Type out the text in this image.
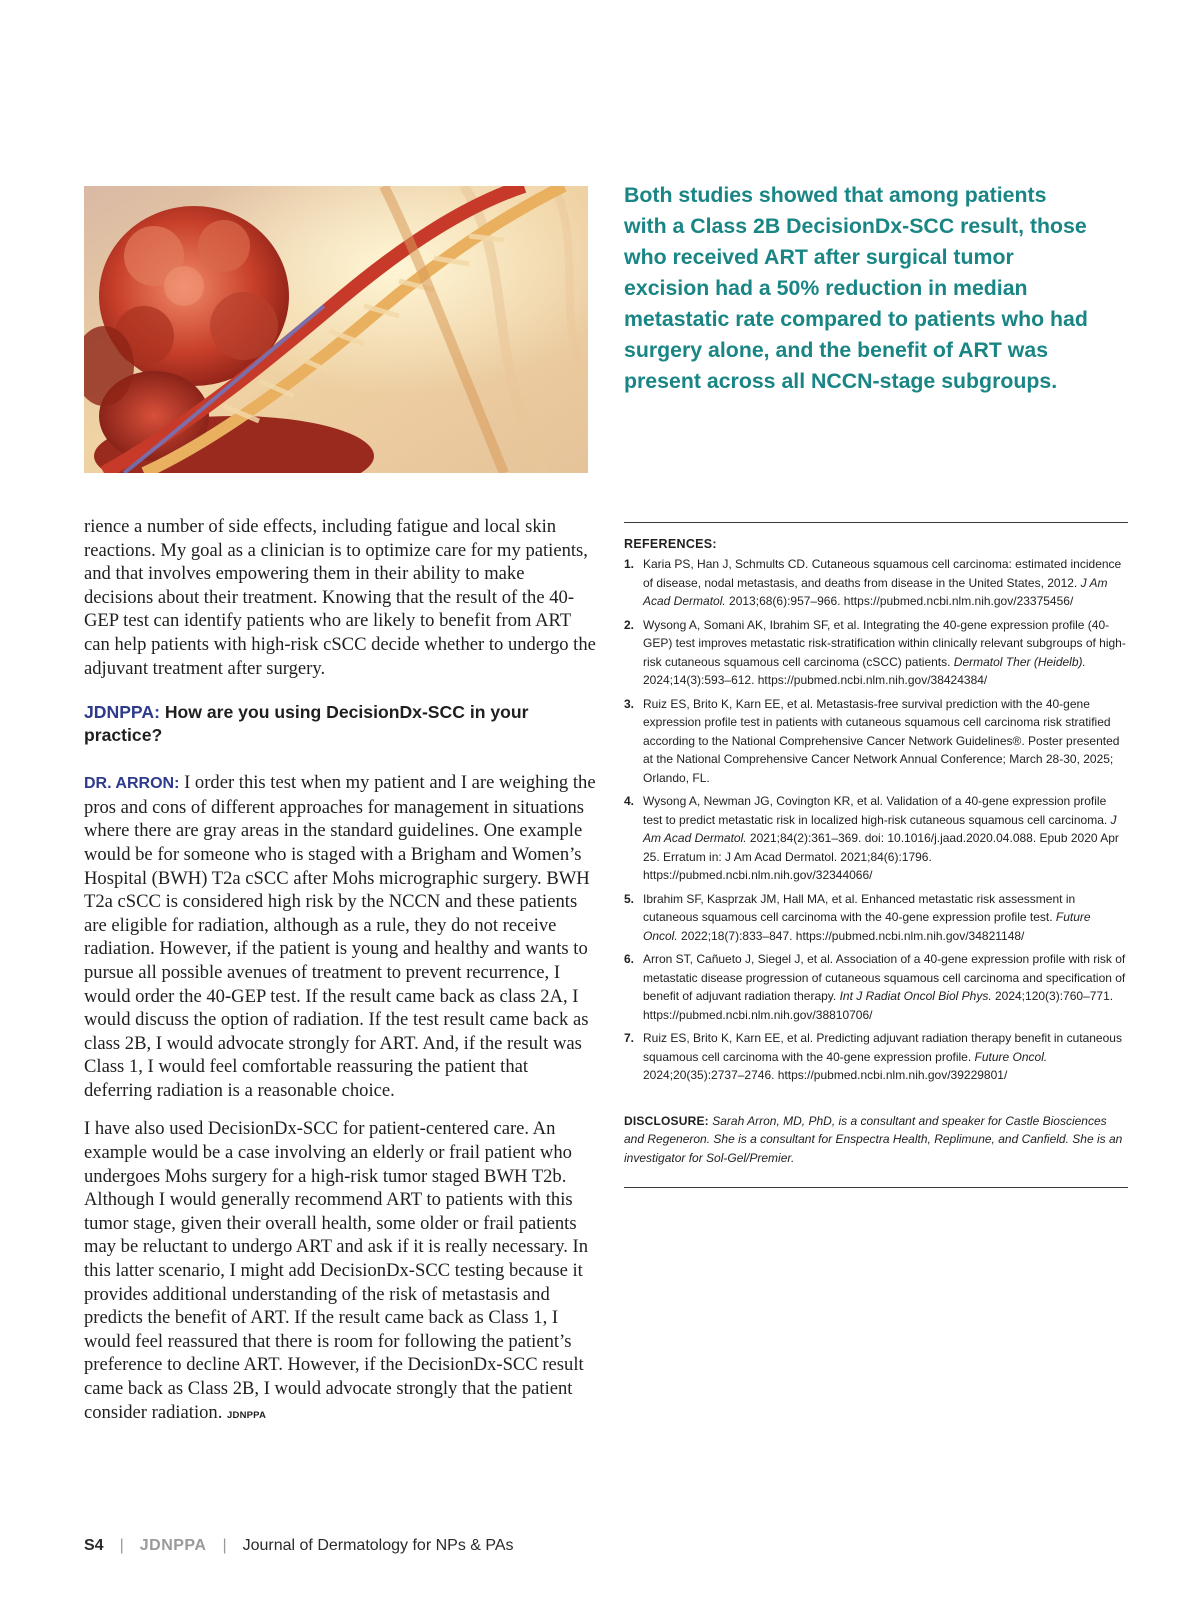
Both studies showed that among patients with a Class 2B DecisionDx-SCC result, those who received ART after surgical tumor excision had a 50% reduction in median metastatic rate compared to patients who had surgery alone, and the benefit of ART was present across all NCCN-stage subgroups.

rience a number of side effects, including fatigue and local skin reactions. My goal as a clinician is to optimize care for my patients, and that involves empowering them in their ability to make decisions about their treatment. Knowing that the result of the 40-GEP test can identify patients who are likely to benefit from ART can help patients with high-risk cSCC decide whether to undergo the adjuvant treatment after surgery.

JDNPPA: How are you using DecisionDx-SCC in your practice?

DR. ARRON: I order this test when my patient and I are weighing the pros and cons of different approaches for management in situations where there are gray areas in the standard guidelines. One example would be for someone who is staged with a Brigham and Women’s Hospital (BWH) T2a cSCC after Mohs micrographic surgery. BWH T2a cSCC is considered high risk by the NCCN and these patients are eligible for radiation, although as a rule, they do not receive radiation. However, if the patient is young and healthy and wants to pursue all possible avenues of treatment to prevent recurrence, I would order the 40-GEP test. If the result came back as class 2A, I would discuss the option of radiation. If the test result came back as class 2B, I would advocate strongly for ART. And, if the result was Class 1, I would feel comfortable reassuring the patient that deferring radiation is a reasonable choice.

I have also used DecisionDx-SCC for patient-centered care. An example would be a case involving an elderly or frail patient who undergoes Mohs surgery for a high-risk tumor staged BWH T2b. Although I would generally recommend ART to patients with this tumor stage, given their overall health, some older or frail patients may be reluctant to undergo ART and ask if it is really necessary. In this latter scenario, I might add DecisionDx-SCC testing because it provides additional understanding of the risk of metastasis and predicts the benefit of ART. If the result came back as Class 1, I would feel reassured that there is room for following the patient’s preference to decline ART. However, if the DecisionDx-SCC result came back as Class 2B, I would advocate strongly that the patient consider radiation. JDNPPA

REFERENCES:
1. Karia PS, Han J, Schmults CD. Cutaneous squamous cell carcinoma: estimated incidence of disease, nodal metastasis, and deaths from disease in the United States, 2012. J Am Acad Dermatol. 2013;68(6):957–966. https://pubmed.ncbi.nlm.nih.gov/23375456/
2. Wysong A, Somani AK, Ibrahim SF, et al. Integrating the 40-gene expression profile (40-GEP) test improves metastatic risk-stratification within clinically relevant subgroups of high-risk cutaneous squamous cell carcinoma (cSCC) patients. Dermatol Ther (Heidelb). 2024;14(3):593–612. https://pubmed.ncbi.nlm.nih.gov/38424384/
3. Ruiz ES, Brito K, Karn EE, et al. Metastasis-free survival prediction with the 40-gene expression profile test in patients with cutaneous squamous cell carcinoma risk stratified according to the National Comprehensive Cancer Network Guidelines®. Poster presented at the National Comprehensive Cancer Network Annual Conference; March 28-30, 2025; Orlando, FL.
4. Wysong A, Newman JG, Covington KR, et al. Validation of a 40-gene expression profile test to predict metastatic risk in localized high-risk cutaneous squamous cell carcinoma. J Am Acad Dermatol. 2021;84(2):361–369. doi: 10.1016/j.jaad.2020.04.088. Epub 2020 Apr 25. Erratum in: J Am Acad Dermatol. 2021;84(6):1796. https://pubmed.ncbi.nlm.nih.gov/32344066/
5. Ibrahim SF, Kasprzak JM, Hall MA, et al. Enhanced metastatic risk assessment in cutaneous squamous cell carcinoma with the 40-gene expression profile test. Future Oncol. 2022;18(7):833–847. https://pubmed.ncbi.nlm.nih.gov/34821148/
6. Arron ST, Cañueto J, Siegel J, et al. Association of a 40-gene expression profile with risk of metastatic disease progression of cutaneous squamous cell carcinoma and specification of benefit of adjuvant radiation therapy. Int J Radiat Oncol Biol Phys. 2024;120(3):760–771. https://pubmed.ncbi.nlm.nih.gov/38810706/
7. Ruiz ES, Brito K, Karn EE, et al. Predicting adjuvant radiation therapy benefit in cutaneous squamous cell carcinoma with the 40-gene expression profile. Future Oncol. 2024;20(35):2737–2746. https://pubmed.ncbi.nlm.nih.gov/39229801/
DISCLOSURE: Sarah Arron, MD, PhD, is a consultant and speaker for Castle Biosciences and Regeneron. She is a consultant for Enspectra Health, Replimune, and Canfield. She is an investigator for Sol-Gel/Premier.
S4 | JDNPPA | Journal of Dermatology for NPs & PAs
